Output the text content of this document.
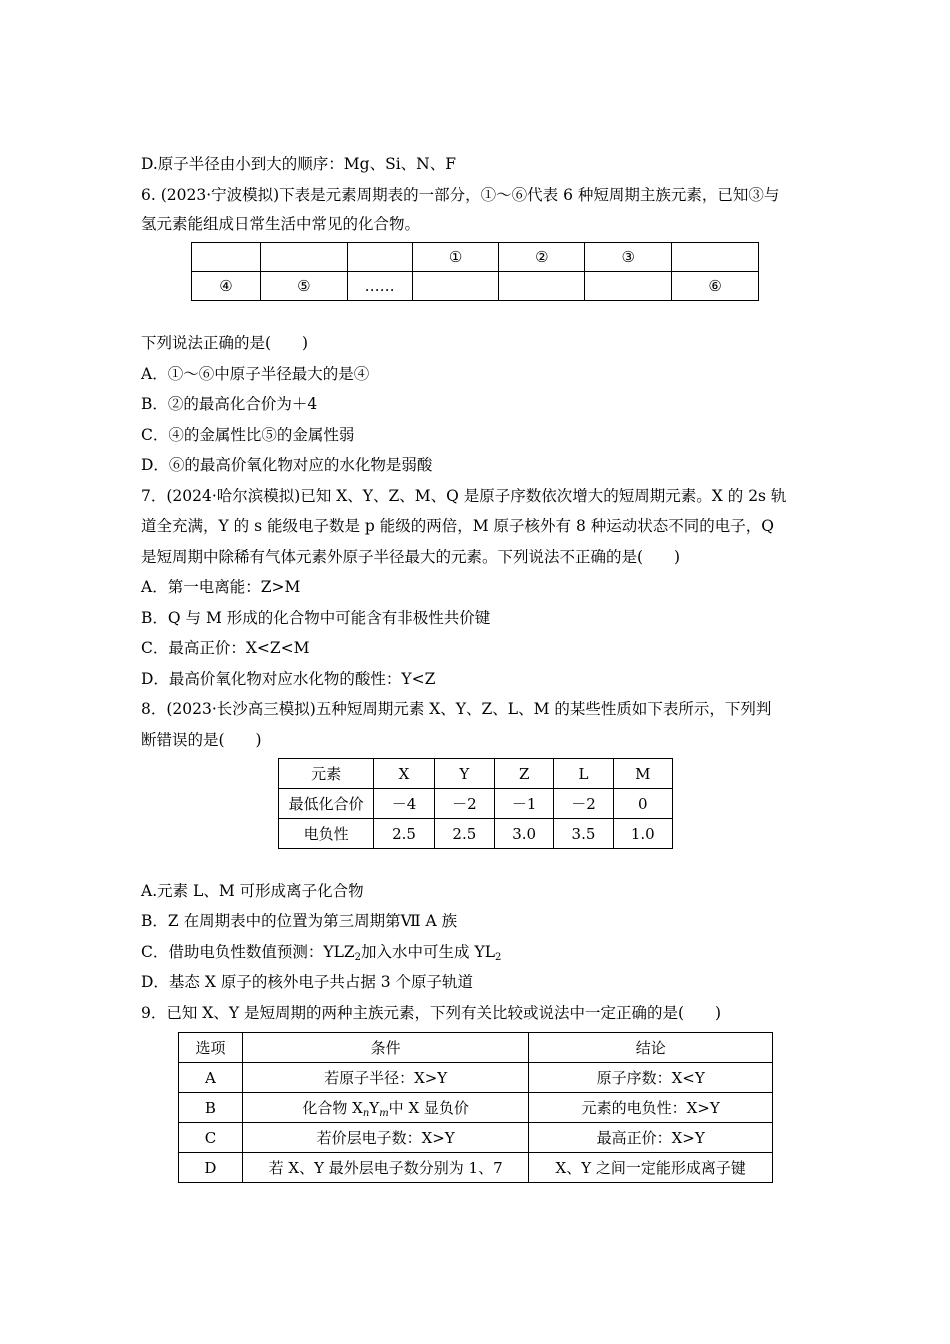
D.原子半径由小到大的顺序：Mg、Si、N、F
6. (2023·宁波模拟)下表是元素周期表的一部分，①～⑥代表 6 种短周期主族元素，已知③与
氢元素能组成日常生活中常见的化合物。
			①	②	③	
④	⑤	……				⑥
下列说法正确的是(　　)
A．①～⑥中原子半径最大的是④
B．②的最高化合价为＋4
C．④的金属性比⑤的金属性弱
D．⑥的最高价氧化物对应的水化物是弱酸
7．(2024·哈尔滨模拟)已知 X、Y、Z、M、Q 是原子序数依次增大的短周期元素。X 的 2s 轨
道全充满，Y 的 s 能级电子数是 p 能级的两倍，M 原子核外有 8 种运动状态不同的电子，Q
是短周期中除稀有气体元素外原子半径最大的元素。下列说法不正确的是(　　)
A．第一电离能：Z>M
B．Q 与 M 形成的化合物中可能含有非极性共价键
C．最高正价：X<Z<M
D．最高价氧化物对应水化物的酸性：Y<Z
8．(2023·长沙高三模拟)五种短周期元素 X、Y、Z、L、M 的某些性质如下表所示，下列判
断错误的是(　　)
元素	X	Y	Z	L	M
最低化合价	－4	－2	－1	－2	0
电负性	2.5	2.5	3.0	3.5	1.0
A.元素 L、M 可形成离子化合物
B．Z 在周期表中的位置为第三周期第Ⅶ A 族
C．借助电负性数值预测：$YLZ_2$加入水中可生成 $YL_2$
D．基态 X 原子的核外电子共占据 3 个原子轨道
9．已知 X、Y 是短周期的两种主族元素，下列有关比较或说法中一定正确的是(　　)
选项	条件	结论
A	若原子半径：X>Y	原子序数：X<Y
B	化合物 $X_nY_m$中 X 显负价	元素的电负性：X>Y
C	若价层电子数：X>Y	最高正价：X>Y
D	若 X、Y 最外层电子数分别为 1、7	X、Y 之间一定能形成离子键
